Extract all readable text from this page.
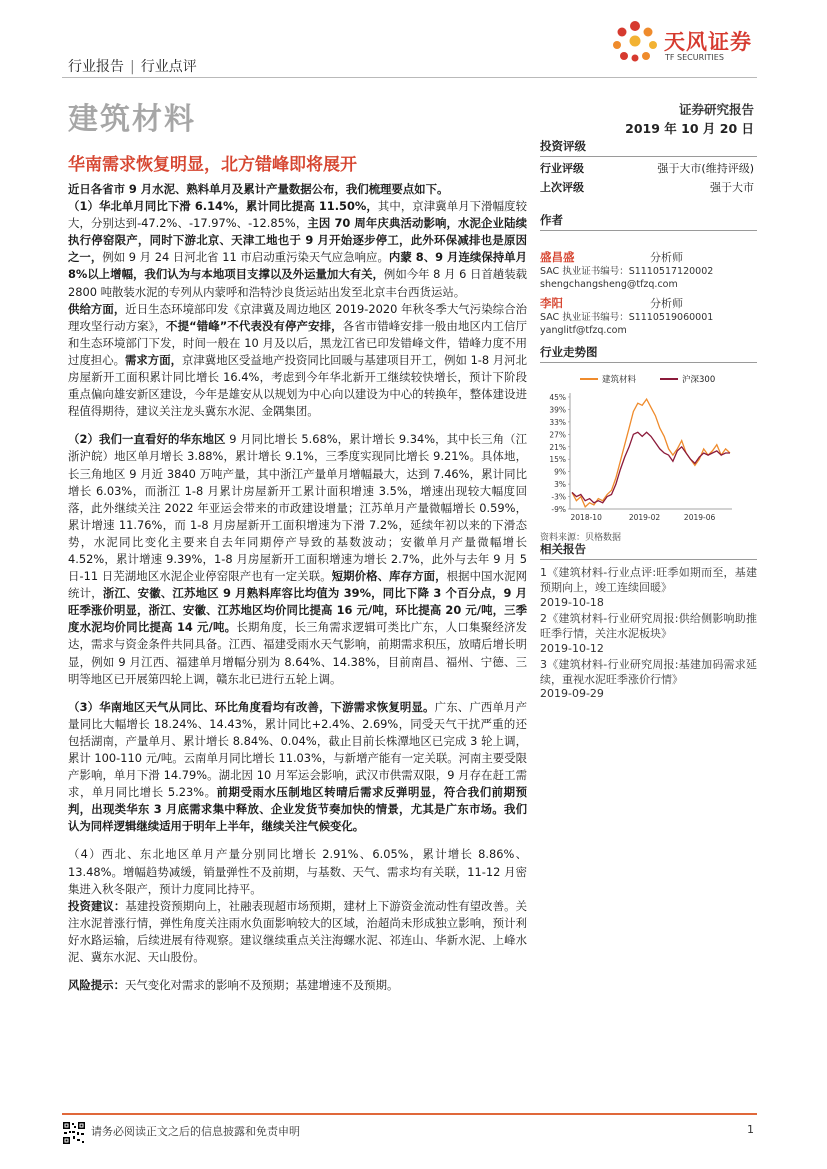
天风证券
TF SECURITIES
行业报告 | 行业点评
建筑材料	证券研究报告
2019 年 10 月 20 日
华南需求恢复明显，北方错峰即将展开

近日各省市 9 月水泥、熟料单月及累计产量数据公布，我们梳理要点如下。
（1）华北单月同比下滑 6.14%，累计同比提高 11.50%，其中，京津冀单月下滑幅度较大，分别达到-47.2%、-17.97%、-12.85%，主因 70 周年庆典活动影响，水泥企业陆续执行停窑限产，同时下游北京、天津工地也于 9 月开始逐步停工，此外环保减排也是原因之一，例如 9 月 24 日河北省 11 市启动重污染天气应急响应。内蒙 8、9 月连续保持单月 8%以上增幅，我们认为与本地项目支撑以及外运量加大有关，例如今年 8 月 6 日首趟装载 2800 吨散装水泥的专列从内蒙呼和浩特沙良货运站出发至北京丰台西货运站。
供给方面，近日生态环境部印发《京津冀及周边地区 2019-2020 年秋冬季大气污染综合治理攻坚行动方案》，不提“错峰”不代表没有停产安排，各省市错峰安排一般由地区内工信厅和生态环境部门下发，时间一般在 10 月及以后，黑龙江省已印发错峰文件，错峰力度不用过度担心。需求方面，京津冀地区受益地产投资同比回暖与基建项目开工，例如 1-8 月河北房屋新开工面积累计同比增长 16.4%，考虑到今年华北新开工继续较快增长，预计下阶段重点偏向雄安新区建设，今年是雄安从以规划为中心向以建设为中心的转换年，整体建设进程值得期待，建议关注龙头冀东水泥、金隅集团。

（2）我们一直看好的华东地区 9 月同比增长 5.68%，累计增长 9.34%，其中长三角（江浙沪皖）地区单月增长 3.88%，累计增长 9.1%，三季度实现同比增长 9.21%。具体地，长三角地区 9 月近 3840 万吨产量，其中浙江产量单月增幅最大，达到 7.46%，累计同比增长 6.03%，而浙江 1-8 月累计房屋新开工累计面积增速 3.5%，增速出现较大幅度回落，此外继续关注 2022 年亚运会带来的市政建设增量；江苏单月产量微幅增长 0.59%，累计增速 11.76%，而 1-8 月房屋新开工面积增速为下滑 7.2%，延续年初以来的下滑态势，水泥同比变化主要来自去年同期停产导致的基数波动；安徽单月产量微幅增长 4.52%，累计增速 9.39%，1-8 月房屋新开工面积增速为增长 2.7%，此外与去年 9 月 5 日-11 日芜湖地区水泥企业停窑限产也有一定关联。短期价格、库存方面，根据中国水泥网统计，浙江、安徽、江苏地区 9 月熟料库容比均值为 39%，同比下降 3 个百分点，9 月旺季涨价明显，浙江、安徽、江苏地区均价同比提高 16 元/吨，环比提高 20 元/吨，三季度水泥均价同比提高 14 元/吨。长期角度，长三角需求逻辑可类比广东，人口集聚经济发达，需求与资金条件共同具备。江西、福建受雨水天气影响，前期需求积压，放晴后增长明显，例如 9 月江西、福建单月增幅分别为 8.64%、14.38%，目前南昌、福州、宁德、三明等地区已开展第四轮上调，赣东北已进行五轮上调。

（3）华南地区天气从同比、环比角度看均有改善，下游需求恢复明显。广东、广西单月产量同比大幅增长 18.24%、14.43%，累计同比+2.4%、2.69%，同受天气干扰严重的还包括湖南，产量单月、累计增长 8.84%、0.04%，截止目前长株潭地区已完成 3 轮上调，累计 100-110 元/吨。云南单月同比增长 11.03%，与新增产能有一定关联。河南主要受限产影响，单月下滑 14.79%。湖北因 10 月军运会影响，武汉市供需双限，9 月存在赶工需求，单月同比增长 5.23%。前期受雨水压制地区转晴后需求反弹明显，符合我们前期预判，出现类华东 3 月底需求集中释放、企业发货节奏加快的情景，尤其是广东市场。我们认为同样逻辑继续适用于明年上半年，继续关注气候变化。

（4）西北、东北地区单月产量分别同比增长 2.91%、6.05%，累计增长 8.86%、13.48%。增幅趋势减缓，销量弹性不及前期，与基数、天气、需求均有关联，11-12 月密集进入秋冬限产，预计力度同比持平。
投资建议：基建投资预期向上，社融表现超市场预期，建材上下游资金流动性有望改善。关注水泥普涨行情，弹性角度关注雨水负面影响较大的区域，治超尚未形成独立影响，预计利好水路运输，后续进展有待观察。建议继续重点关注海螺水泥、祁连山、华新水泥、上峰水泥、冀东水泥、天山股份。

风险提示：天气变化对需求的影响不及预期；基建增速不及预期。

投资评级
行业评级	强于大市(维持评级)
上次评级	强于大市
作者
盛昌盛	分析师
SAC 执业证书编号：S1110517120002
shengchangsheng@tfzq.com
李阳	分析师
SAC 执业证书编号：S1110519060001
yanglitf@tfzq.com
行业走势图
-9%
-3%
3%
9%
15%
21%
27%
33%
39%
45%
2018-10	2019-02	2019-06
建筑材料	沪深300
资料来源：贝格数据
相关报告
1《建筑材料-行业点评:旺季如期而至，基建预期向上，竣工连续回暖》
2019-10-18
2《建筑材料-行业研究周报:供给侧影响助推旺季行情，关注水泥板块》
2019-10-12
3《建筑材料-行业研究周报:基建加码需求延续，重视水泥旺季涨价行情》
2019-09-29
请务必阅读正文之后的信息披露和免责申明	1
